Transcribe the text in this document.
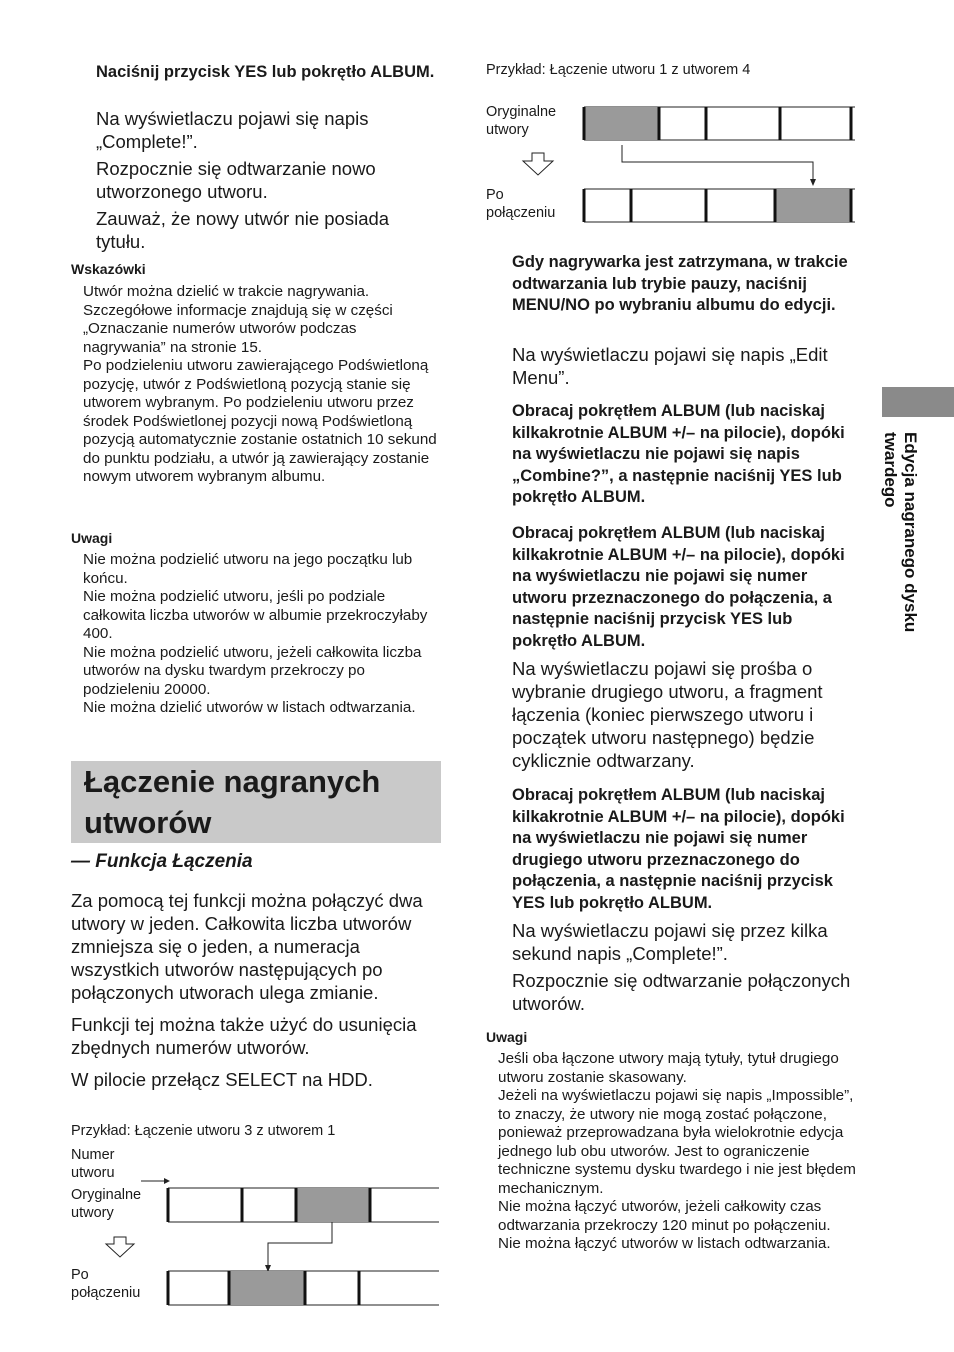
Naciśnij przycisk YES lub pokrętło ALBUM.

Na wyświetlaczu pojawi się napis „Complete!”.

Rozpocznie się odtwarzanie nowo utworzonego utworu.

Zauważ, że nowy utwór nie posiada tytułu.

Wskazówki
Utwór można dzielić w trakcie nagrywania. Szczegółowe informacje znajdują się w części „Oznaczanie numerów utworów podczas nagrywania” na stronie 15.
Po podzieleniu utworu zawierającego Podświetloną pozycję, utwór z Podświetloną pozycją stanie się utworem wybranym. Po podzieleniu utworu przez środek Podświetlonej pozycji nową Podświetloną pozycją automatycznie zostanie ostatnich 10 sekund do punktu podziału, a utwór ją zawierający zostanie nowym utworem wybranym albumu.
Uwagi
Nie można podzielić utworu na jego początku lub końcu.
Nie można podzielić utworu, jeśli po podziale całkowita liczba utworów w albumie przekroczyłaby 400.
Nie można podzielić utworu, jeżeli całkowita liczba utworów na dysku twardym przekroczy po podzieleniu 20000.
Nie można dzielić utworów w listach odtwarzania.
Łączenie nagranych utworów
— Funkcja Łączenia

Za pomocą tej funkcji można połączyć dwa utwory w jeden. Całkowita liczba utworów zmniejsza się o jeden, a numeracja wszystkich utworów następujących po połączonych utworach ulega zmianie.

Funkcji tej można także użyć do usunięcia zbędnych numerów utworów.

W pilocie przełącz SELECT na HDD.

Przykład: Łączenie utworu 3 z utworem 1
Numer utworu
Oryginalne utwory
Po połączeniu
Przykład: Łączenie utworu 1 z utworem 4
Oryginalne utwory
Po połączeniu
Gdy nagrywarka jest zatrzymana, w trakcie odtwarzania lub trybie pauzy, naciśnij MENU/NO po wybraniu albumu do edycji.
Na wyświetlaczu pojawi się napis „Edit Menu”.
Obracaj pokrętłem ALBUM (lub naciskaj kilkakrotnie ALBUM +/– na pilocie), dopóki na wyświetlaczu nie pojawi się napis „Combine?”, a następnie naciśnij YES lub pokrętło ALBUM.
Obracaj pokrętłem ALBUM (lub naciskaj kilkakrotnie ALBUM +/– na pilocie), dopóki na wyświetlaczu nie pojawi się numer utworu przeznaczonego do połączenia, a następnie naciśnij przycisk YES lub pokrętło ALBUM.
Na wyświetlaczu pojawi się prośba o wybranie drugiego utworu, a fragment łączenia (koniec pierwszego utworu i początek utworu następnego) będzie cyklicznie odtwarzany.
Obracaj pokrętłem ALBUM (lub naciskaj kilkakrotnie ALBUM +/– na pilocie), dopóki na wyświetlaczu nie pojawi się numer drugiego utworu przeznaczonego do połączenia, a następnie naciśnij przycisk YES lub pokrętło ALBUM.

Na wyświetlaczu pojawi się przez kilka sekund napis „Complete!”.

Rozpocznie się odtwarzanie połączonych utworów.

Uwagi
Jeśli oba łączone utwory mają tytuły, tytuł drugiego utworu zostanie skasowany.
Jeżeli na wyświetlaczu pojawi się napis „Impossible”, to znaczy, że utwory nie mogą zostać połączone, ponieważ przeprowadzana była wielokrotnie edycja jednego lub obu utworów. Jest to ograniczenie techniczne systemu dysku twardego i nie jest błędem mechanicznym.
Nie można łączyć utworów, jeżeli całkowity czas odtwarzania przekroczy 120 minut po połączeniu.
Nie można łączyć utworów w listach odtwarzania.
Edycja nagranego dysku twardego
